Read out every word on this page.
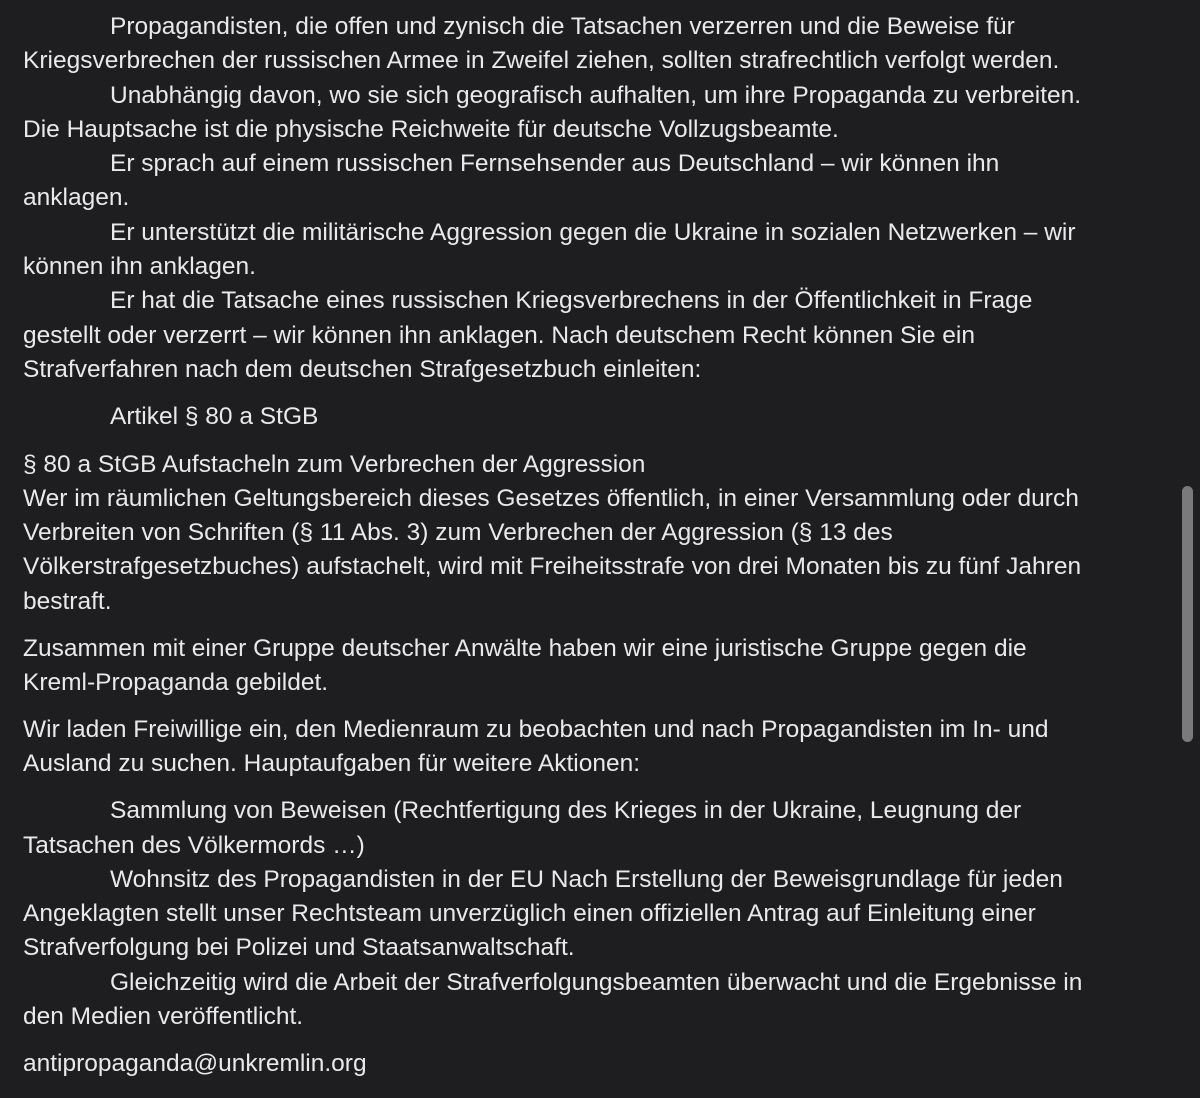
Propagandisten, die offen und zynisch die Tatsachen verzerren und die Beweise für
Kriegsverbrechen der russischen Armee in Zweifel ziehen, sollten strafrechtlich verfolgt werden.
Unabhängig davon, wo sie sich geografisch aufhalten, um ihre Propaganda zu verbreiten.
Die Hauptsache ist die physische Reichweite für deutsche Vollzugsbeamte.
Er sprach auf einem russischen Fernsehsender aus Deutschland – wir können ihn
anklagen.
Er unterstützt die militärische Aggression gegen die Ukraine in sozialen Netzwerken – wir
können ihn anklagen.
Er hat die Tatsache eines russischen Kriegsverbrechens in der Öffentlichkeit in Frage
gestellt oder verzerrt – wir können ihn anklagen. Nach deutschem Recht können Sie ein
Strafverfahren nach dem deutschen Strafgesetzbuch einleiten:
Artikel § 80 a StGB
§ 80 a StGB Aufstacheln zum Verbrechen der Aggression
Wer im räumlichen Geltungsbereich dieses Gesetzes öffentlich, in einer Versammlung oder durch
Verbreiten von Schriften (§ 11 Abs. 3) zum Verbrechen der Aggression (§ 13 des
Völkerstrafgesetzbuches) aufstachelt, wird mit Freiheitsstrafe von drei Monaten bis zu fünf Jahren
bestraft.
Zusammen mit einer Gruppe deutscher Anwälte haben wir eine juristische Gruppe gegen die
Kreml-Propaganda gebildet.
Wir laden Freiwillige ein, den Medienraum zu beobachten und nach Propagandisten im In- und
Ausland zu suchen. Hauptaufgaben für weitere Aktionen:
Sammlung von Beweisen (Rechtfertigung des Krieges in der Ukraine, Leugnung der
Tatsachen des Völkermords …)
Wohnsitz des Propagandisten in der EU Nach Erstellung der Beweisgrundlage für jeden
Angeklagten stellt unser Rechtsteam unverzüglich einen offiziellen Antrag auf Einleitung einer
Strafverfolgung bei Polizei und Staatsanwaltschaft.
Gleichzeitig wird die Arbeit der Strafverfolgungsbeamten überwacht und die Ergebnisse in
den Medien veröffentlicht.
antipropaganda@unkremlin.org
